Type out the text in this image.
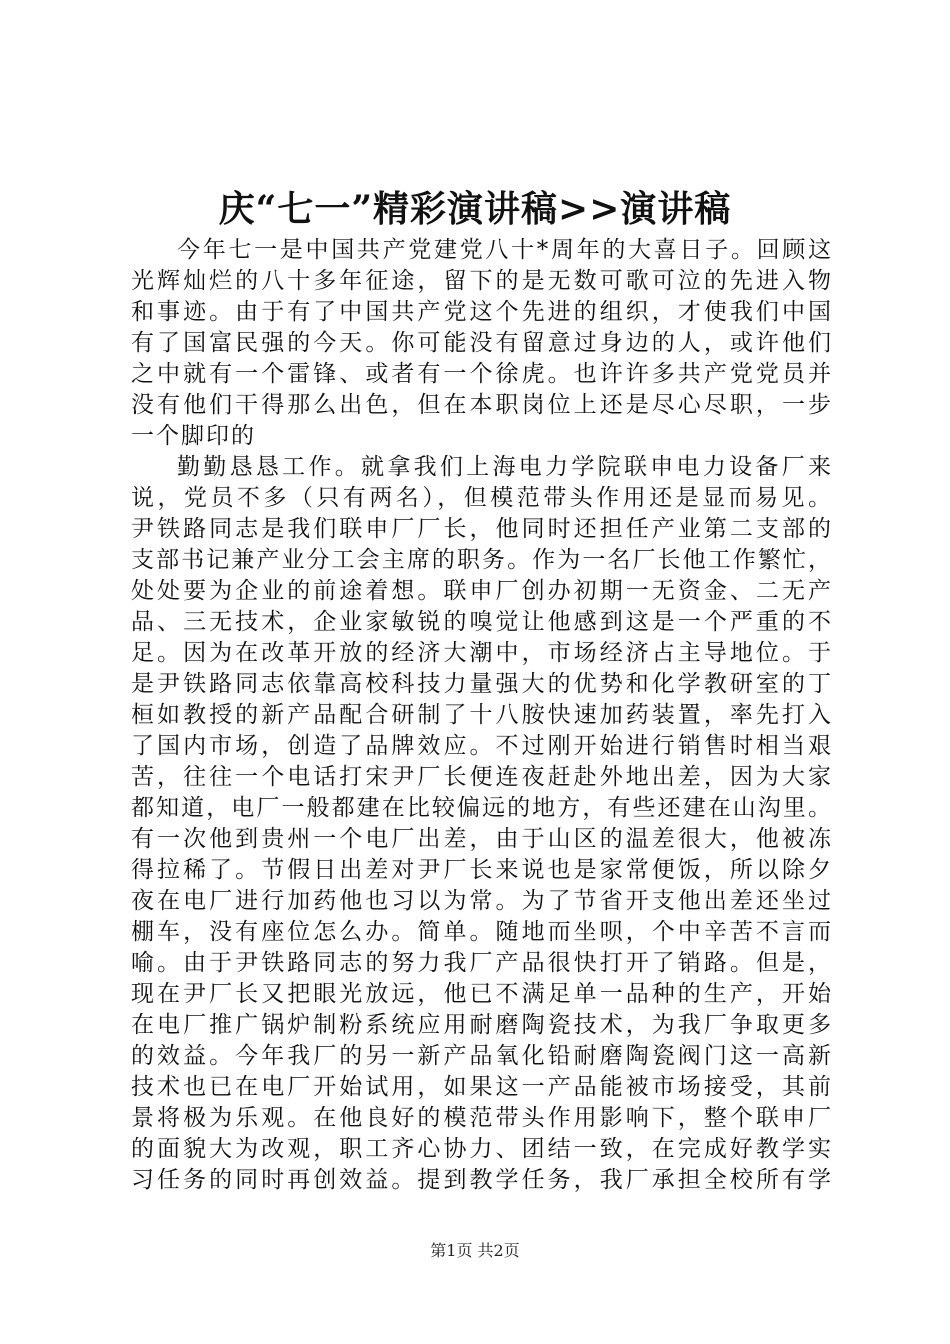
庆“七一”精彩演讲稿>>演讲稿
今年七一是中国共产党建党八十*周年的大喜日子。回顾这
光辉灿烂的八十多年征途，留下的是无数可歌可泣的先进入物
和事迹。由于有了中国共产党这个先进的组织，才使我们中国
有了国富民强的今天。你可能没有留意过身边的人，或许他们
之中就有一个雷锋、或者有一个徐虎。也许许多共产党党员并
没有他们干得那么出色，但在本职岗位上还是尽心尽职，一步
一个脚印的
勤勤恳恳工作。就拿我们上海电力学院联申电力设备厂来
说，党员不多（只有两名），但模范带头作用还是显而易见。
尹铁路同志是我们联申厂厂长，他同时还担任产业第二支部的
支部书记兼产业分工会主席的职务。作为一名厂长他工作繁忙，
处处要为企业的前途着想。联申厂创办初期一无资金、二无产
品、三无技术，企业家敏锐的嗅觉让他感到这是一个严重的不
足。因为在改革开放的经济大潮中，市场经济占主导地位。于
是尹铁路同志依靠高校科技力量强大的优势和化学教研室的丁
桓如教授的新产品配合研制了十八胺快速加药装置，率先打入
了国内市场，创造了品牌效应。不过刚开始进行销售时相当艰
苦，往往一个电话打宋尹厂长便连夜赶赴外地出差，因为大家
都知道，电厂一般都建在比较偏远的地方，有些还建在山沟里。
有一次他到贵州一个电厂出差，由于山区的温差很大，他被冻
得拉稀了。节假日出差对尹厂长来说也是家常便饭，所以除夕
夜在电厂进行加药他也习以为常。为了节省开支他出差还坐过
棚车，没有座位怎么办。简单。随地而坐呗，个中辛苦不言而
喻。由于尹铁路同志的努力我厂产品很快打开了销路。但是，
现在尹厂长又把眼光放远，他已不满足单一品种的生产，开始
在电厂推广锅炉制粉系统应用耐磨陶瓷技术，为我厂争取更多
的效益。今年我厂的另一新产品氧化铅耐磨陶瓷阀门这一高新
技术也已在电厂开始试用，如果这一产品能被市场接受，其前
景将极为乐观。在他良好的模范带头作用影响下，整个联申厂
的面貌大为改观，职工齐心协力、团结一致，在完成好教学实
习任务的同时再创效益。提到教学任务，我厂承担全校所有学
第1页 共2页
